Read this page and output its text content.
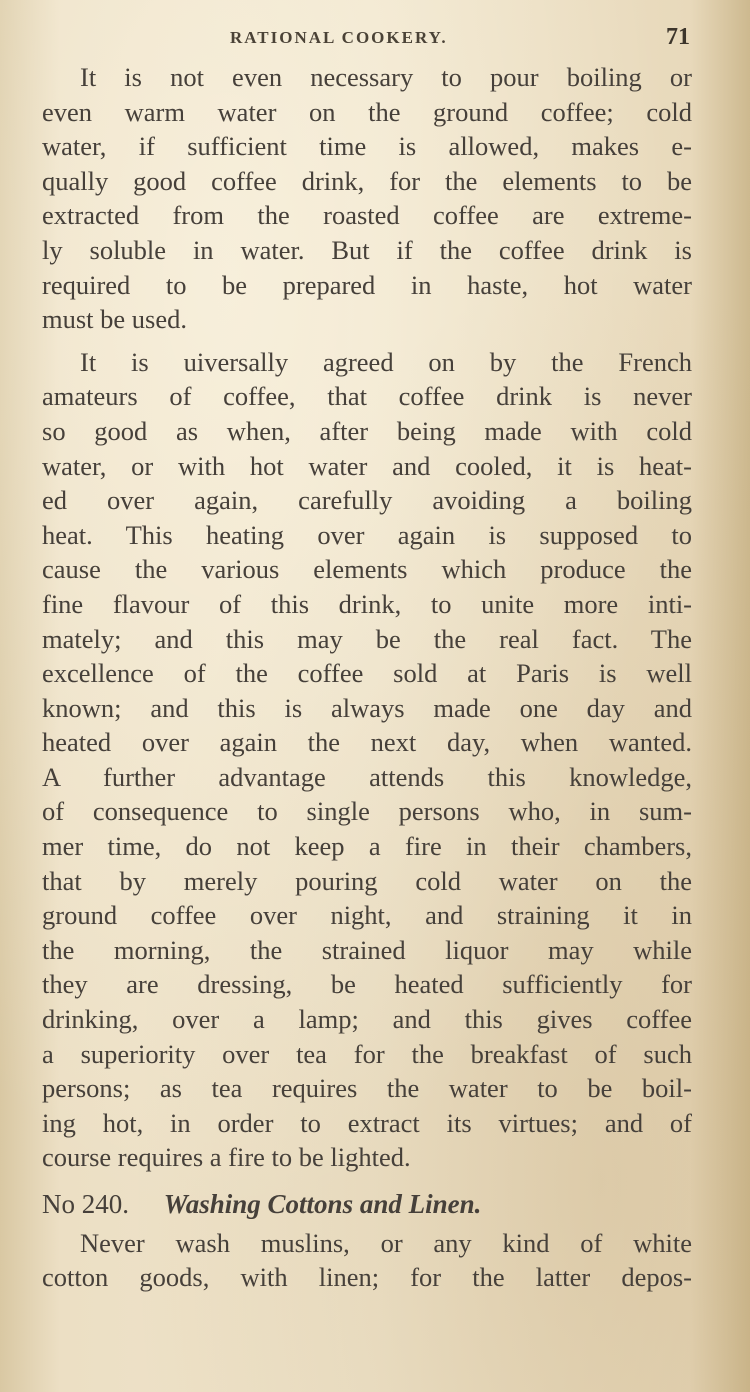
RATIONAL COOKERY.	71
It is not even necessary to pour boiling or
even warm water on the ground coffee; cold
water, if sufficient time is allowed, makes e-
qually good coffee drink, for the elements to be
extracted from the roasted coffee are extreme-
ly soluble in water. But if the coffee drink is
required to be prepared in haste, hot water
must be used.
It is uiversally agreed on by the French
amateurs of coffee, that coffee drink is never
so good as when, after being made with cold
water, or with hot water and cooled, it is heat-
ed over again, carefully avoiding a boiling
heat. This heating over again is supposed to
cause the various elements which produce the
fine flavour of this drink, to unite more inti-
mately; and this may be the real fact. The
excellence of the coffee sold at Paris is well
known; and this is always made one day and
heated over again the next day, when wanted.
A further advantage attends this knowledge,
of consequence to single persons who, in sum-
mer time, do not keep a fire in their chambers,
that by merely pouring cold water on the
ground coffee over night, and straining it in
the morning, the strained liquor may while
they are dressing, be heated sufficiently for
drinking, over a lamp; and this gives coffee
a superiority over tea for the breakfast of such
persons; as tea requires the water to be boil-
ing hot, in order to extract its virtues; and of
course requires a fire to be lighted.
No 240. Washing Cottons and Linen.
Never wash muslins, or any kind of white
cotton goods, with linen; for the latter depos-
